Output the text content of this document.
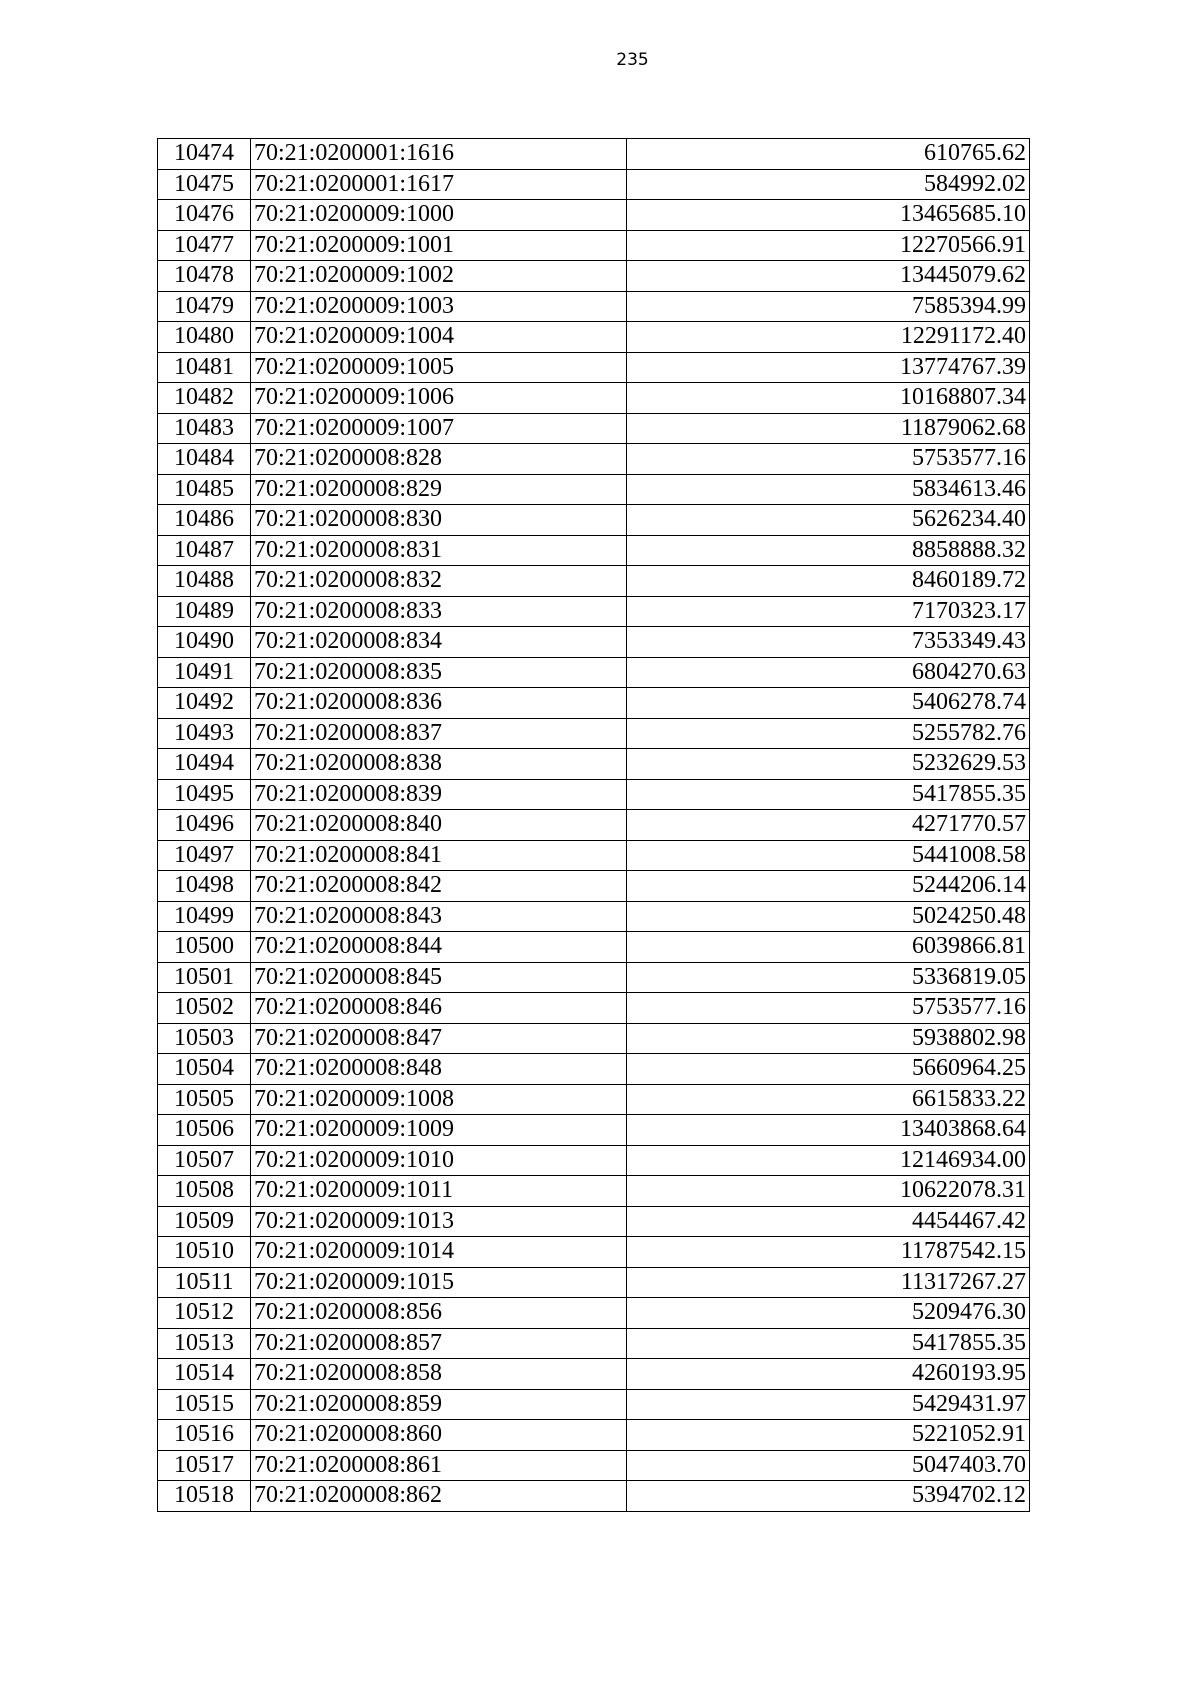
235
10474	70:21:0200001:1616	610765.62
10475	70:21:0200001:1617	584992.02
10476	70:21:0200009:1000	13465685.10
10477	70:21:0200009:1001	12270566.91
10478	70:21:0200009:1002	13445079.62
10479	70:21:0200009:1003	7585394.99
10480	70:21:0200009:1004	12291172.40
10481	70:21:0200009:1005	13774767.39
10482	70:21:0200009:1006	10168807.34
10483	70:21:0200009:1007	11879062.68
10484	70:21:0200008:828	5753577.16
10485	70:21:0200008:829	5834613.46
10486	70:21:0200008:830	5626234.40
10487	70:21:0200008:831	8858888.32
10488	70:21:0200008:832	8460189.72
10489	70:21:0200008:833	7170323.17
10490	70:21:0200008:834	7353349.43
10491	70:21:0200008:835	6804270.63
10492	70:21:0200008:836	5406278.74
10493	70:21:0200008:837	5255782.76
10494	70:21:0200008:838	5232629.53
10495	70:21:0200008:839	5417855.35
10496	70:21:0200008:840	4271770.57
10497	70:21:0200008:841	5441008.58
10498	70:21:0200008:842	5244206.14
10499	70:21:0200008:843	5024250.48
10500	70:21:0200008:844	6039866.81
10501	70:21:0200008:845	5336819.05
10502	70:21:0200008:846	5753577.16
10503	70:21:0200008:847	5938802.98
10504	70:21:0200008:848	5660964.25
10505	70:21:0200009:1008	6615833.22
10506	70:21:0200009:1009	13403868.64
10507	70:21:0200009:1010	12146934.00
10508	70:21:0200009:1011	10622078.31
10509	70:21:0200009:1013	4454467.42
10510	70:21:0200009:1014	11787542.15
10511	70:21:0200009:1015	11317267.27
10512	70:21:0200008:856	5209476.30
10513	70:21:0200008:857	5417855.35
10514	70:21:0200008:858	4260193.95
10515	70:21:0200008:859	5429431.97
10516	70:21:0200008:860	5221052.91
10517	70:21:0200008:861	5047403.70
10518	70:21:0200008:862	5394702.12
